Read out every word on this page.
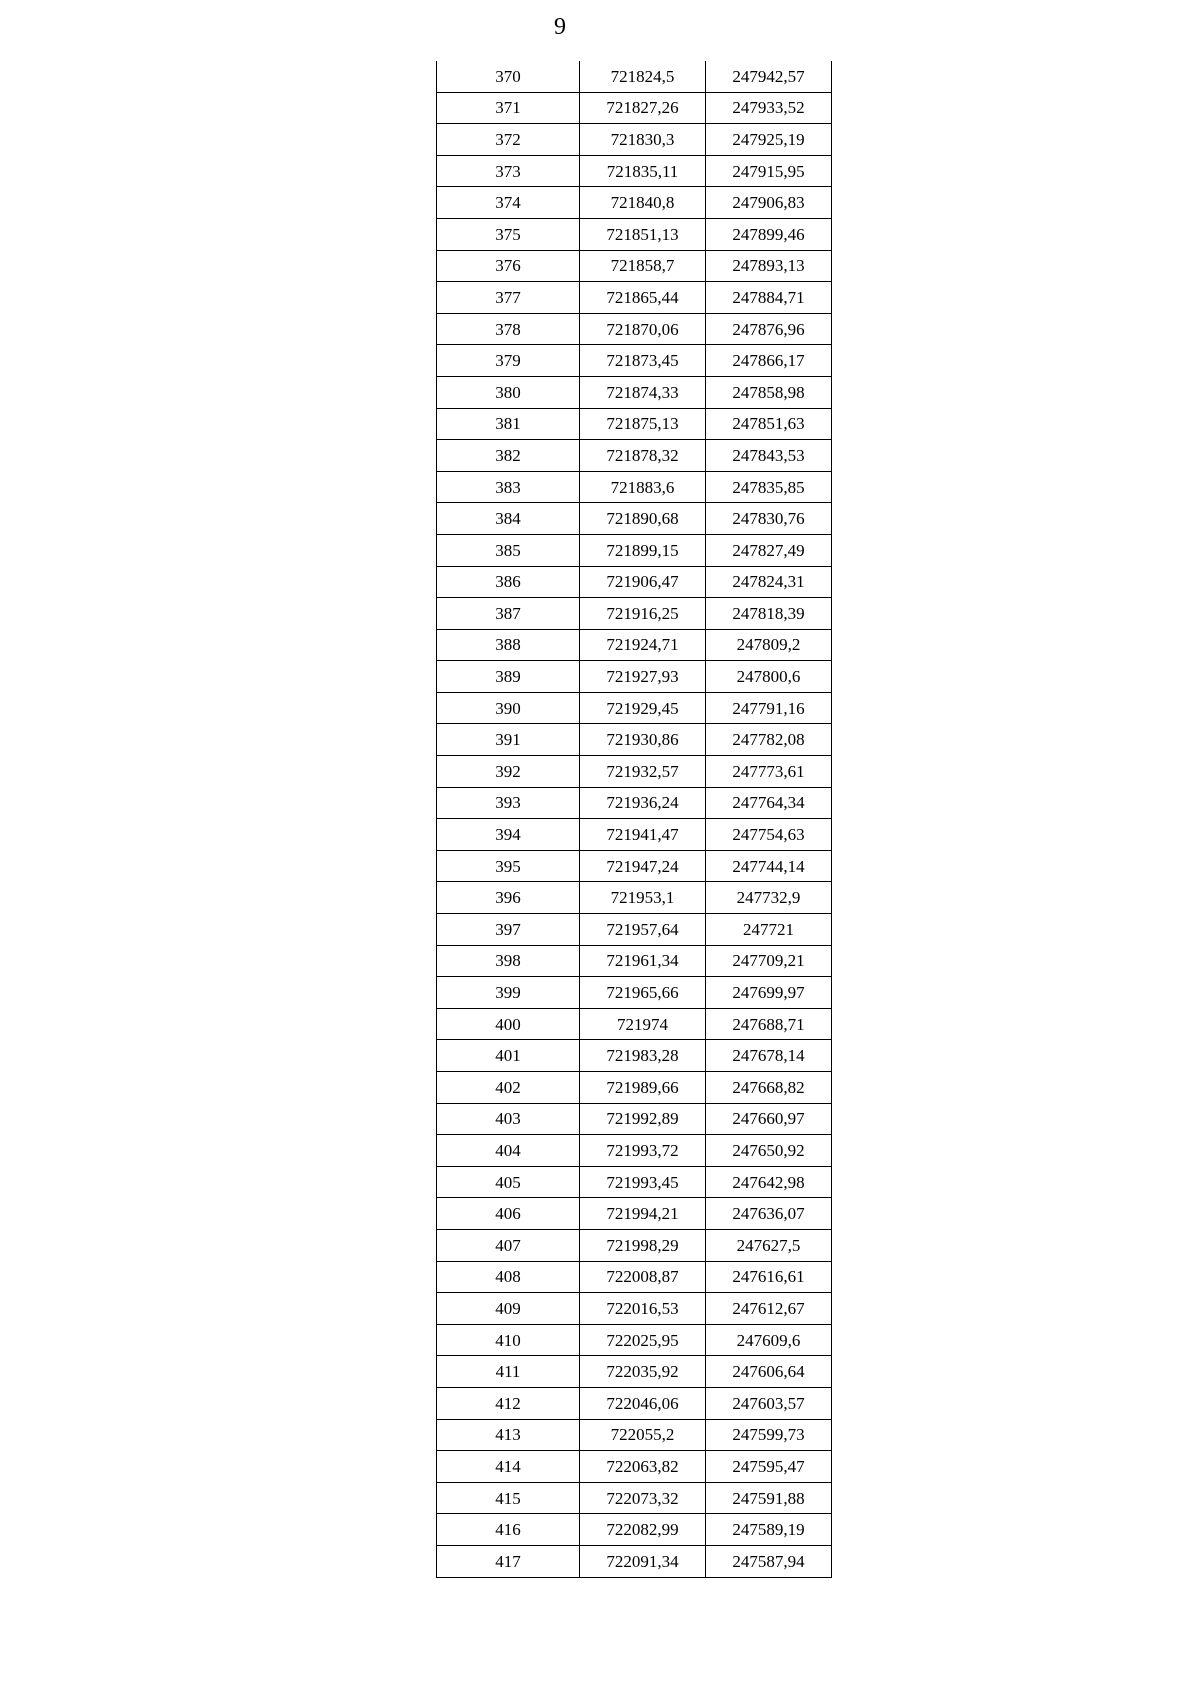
9
370	721824,5	247942,57
371	721827,26	247933,52
372	721830,3	247925,19
373	721835,11	247915,95
374	721840,8	247906,83
375	721851,13	247899,46
376	721858,7	247893,13
377	721865,44	247884,71
378	721870,06	247876,96
379	721873,45	247866,17
380	721874,33	247858,98
381	721875,13	247851,63
382	721878,32	247843,53
383	721883,6	247835,85
384	721890,68	247830,76
385	721899,15	247827,49
386	721906,47	247824,31
387	721916,25	247818,39
388	721924,71	247809,2
389	721927,93	247800,6
390	721929,45	247791,16
391	721930,86	247782,08
392	721932,57	247773,61
393	721936,24	247764,34
394	721941,47	247754,63
395	721947,24	247744,14
396	721953,1	247732,9
397	721957,64	247721
398	721961,34	247709,21
399	721965,66	247699,97
400	721974	247688,71
401	721983,28	247678,14
402	721989,66	247668,82
403	721992,89	247660,97
404	721993,72	247650,92
405	721993,45	247642,98
406	721994,21	247636,07
407	721998,29	247627,5
408	722008,87	247616,61
409	722016,53	247612,67
410	722025,95	247609,6
411	722035,92	247606,64
412	722046,06	247603,57
413	722055,2	247599,73
414	722063,82	247595,47
415	722073,32	247591,88
416	722082,99	247589,19
417	722091,34	247587,94
